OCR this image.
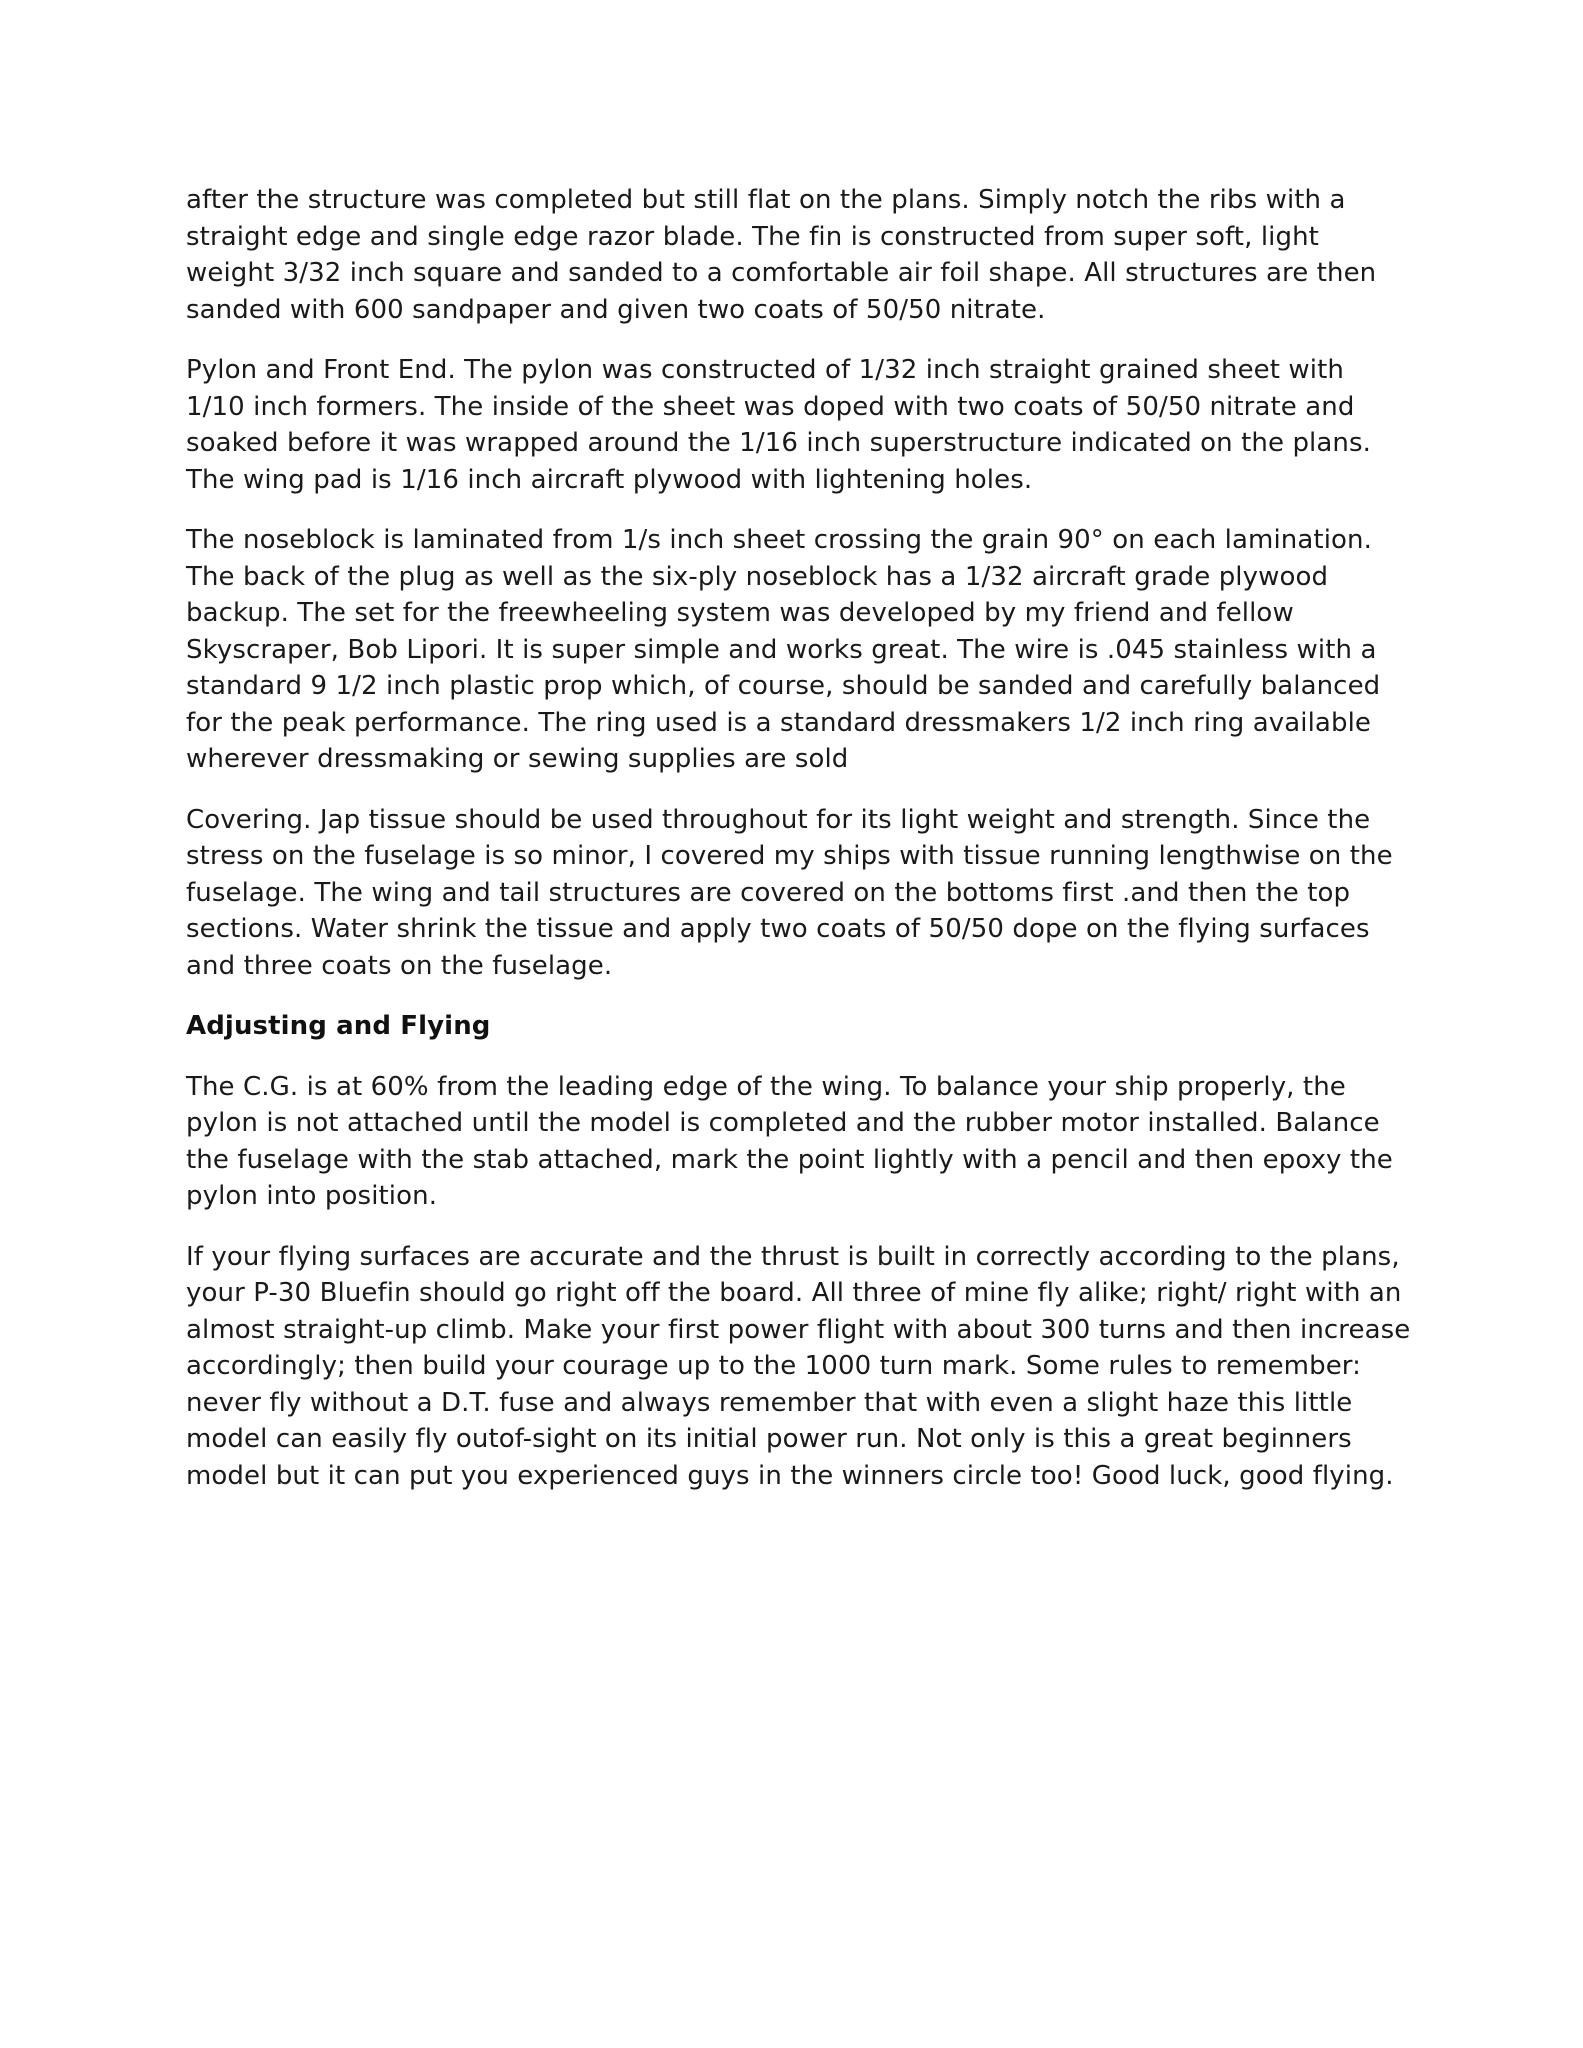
after the structure was completed but still flat on the plans. Simply notch the ribs with a straight edge and single edge razor blade. The fin is constructed from super soft, light weight 3/32 inch square and sanded to a comfortable air foil shape. All structures are then sanded with 600 sandpaper and given two coats of 50/50 nitrate.

Pylon and Front End. The pylon was constructed of 1/32 inch straight grained sheet with 1/10 inch formers. The inside of the sheet was doped with two coats of 50/50 nitrate and soaked before it was wrapped around the 1/16 inch superstructure indicated on the plans. The wing pad is 1/16 inch aircraft plywood with lightening holes.

The noseblock is laminated from 1/s inch sheet crossing the grain 90° on each lamination. The back of the plug as well as the six-ply noseblock has a 1/32 aircraft grade plywood backup. The set for the freewheeling system was developed by my friend and fellow Skyscraper, Bob Lipori. It is super simple and works great. The wire is .045 stainless with a standard 9 1/2 inch plastic prop which, of course, should be sanded and carefully balanced for the peak performance. The ring used is a standard dressmakers 1/2 inch ring available wherever dressmaking or sewing supplies are sold

Covering. Jap tissue should be used throughout for its light weight and strength. Since the stress on the fuselage is so minor, I covered my ships with tissue running lengthwise on the fuselage. The wing and tail structures are covered on the bottoms first .and then the top sections. Water shrink the tissue and apply two coats of 50/50 dope on the flying surfaces and three coats on the fuselage.

Adjusting and Flying

The C.G. is at 60% from the leading edge of the wing. To balance your ship properly, the pylon is not attached until the model is completed and the rubber motor installed. Balance the fuselage with the stab attached, mark the point lightly with a pencil and then epoxy the pylon into position.

If your flying surfaces are accurate and the thrust is built in correctly according to the plans, your P-30 Bluefin should go right off the board. All three of mine fly alike; right/ right with an almost straight-up climb. Make your first power flight with about 300 turns and then increase accordingly; then build your courage up to the 1000 turn mark. Some rules to remember: never fly without a D.T. fuse and always remember that with even a slight haze this little model can easily fly outof-sight on its initial power run. Not only is this a great beginners model but it can put you experienced guys in the winners circle too! Good luck, good flying.
